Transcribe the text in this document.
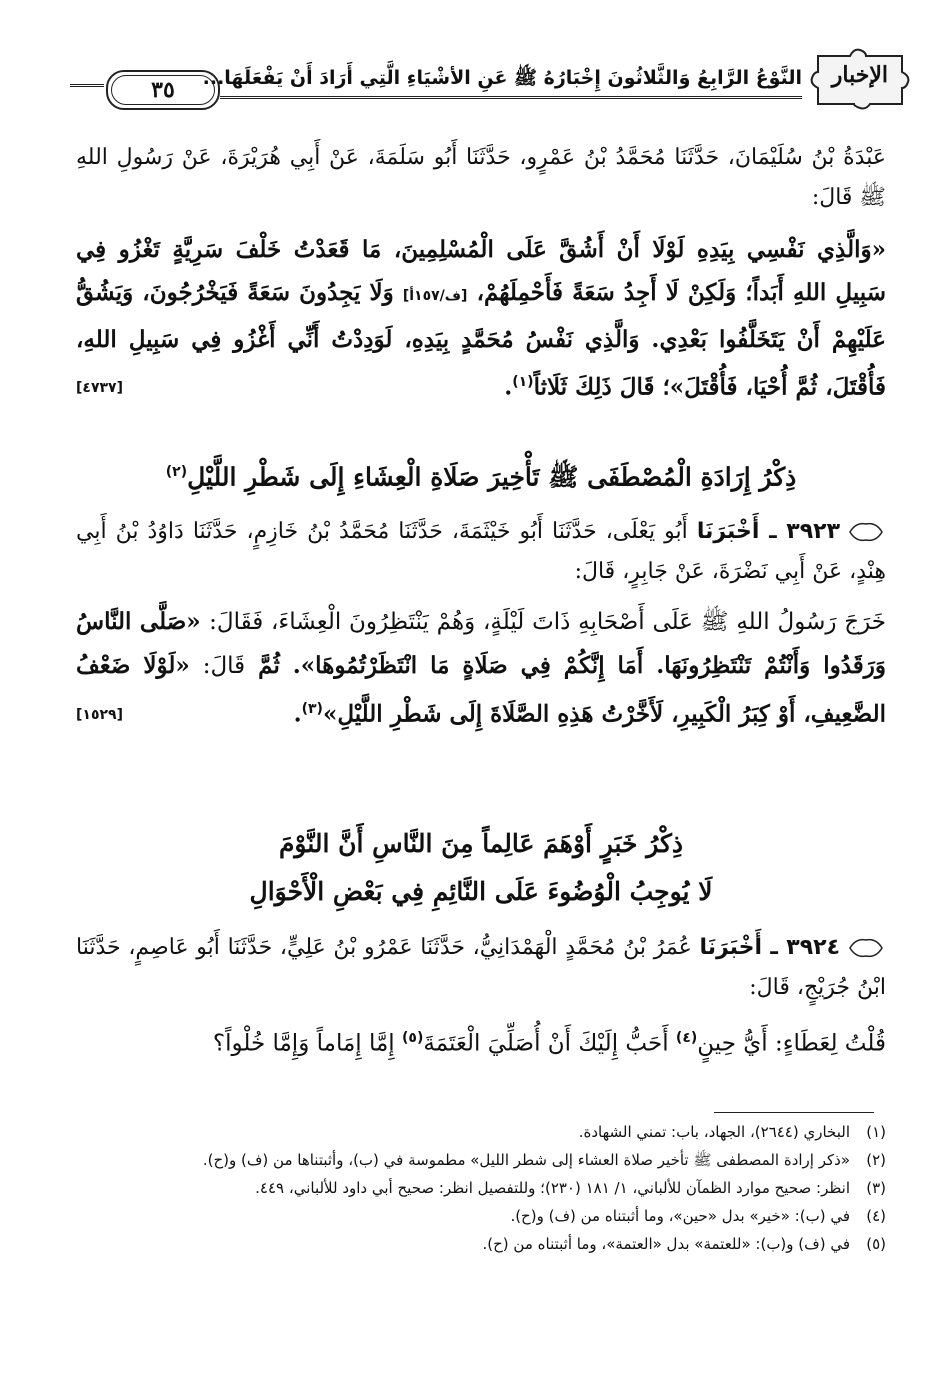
الإخبار
النَّوْعُ الرَّابِعُ وَالثَّلاثُونَ إِخْبَارُهُ ﷺ عَنِ الأشْيَاءِ الَّتِي أَرَادَ أَنْ يَفْعَلَهَا...
٣٥
عَبْدَةُ بْنُ سُلَيْمَانَ، حَدَّثَنَا مُحَمَّدُ بْنُ عَمْرٍو، حَدَّثَنَا أَبُو سَلَمَةَ، عَنْ أَبِي هُرَيْرَةَ، عَنْ رَسُولِ اللهِ ﷺ قَالَ:
«وَالَّذِي نَفْسِي بِيَدِهِ لَوْلَا أَنْ أَشُقَّ عَلَى الْمُسْلِمِينَ، مَا قَعَدْتُ خَلْفَ سَرِيَّةٍ تَغْزُو فِي سَبِيلِ اللهِ أَبَداً؛ وَلَكِنْ لَا أَجِدُ سَعَةً فَأَحْمِلَهُمْ، [ف/١٥٧أ] وَلَا يَجِدُونَ سَعَةً فَيَخْرُجُونَ، وَيَشُقُّ عَلَيْهِمْ أَنْ يَتَخَلَّفُوا بَعْدِي. وَالَّذِي نَفْسُ مُحَمَّدٍ بِيَدِهِ، لَوَدِدْتُ أَنِّي أَغْزُو فِي سَبِيلِ اللهِ، فَأُقْتَلَ، ثُمَّ أُحْيَا، فَأُقْتَلَ»؛ قَالَ ذَلِكَ ثَلَاثاً$^{(١)}$.
[٤٧٣٧]
ذِكْرُ إِرَادَةِ الْمُصْطَفَى ﷺ تَأْخِيرَ صَلَاةِ الْعِشَاءِ إِلَى شَطْرِ اللَّيْلِ$^{(٢)}$
٣٩٢٣ ـ أَخْبَرَنَا أَبُو يَعْلَى، حَدَّثَنَا أَبُو خَيْثَمَةَ، حَدَّثَنَا مُحَمَّدُ بْنُ خَازِمٍ، حَدَّثَنَا دَاوُدُ بْنُ أَبِي هِنْدٍ، عَنْ أَبِي نَضْرَةَ، عَنْ جَابِرٍ، قَالَ:
خَرَجَ رَسُولُ اللهِ ﷺ عَلَى أَصْحَابِهِ ذَاتَ لَيْلَةٍ، وَهُمْ يَنْتَظِرُونَ الْعِشَاءَ، فَقَالَ: «صَلَّى النَّاسُ وَرَقَدُوا وَأَنْتُمْ تَنْتَظِرُونَهَا. أَمَا إِنَّكُمْ فِي صَلَاةٍ مَا انْتَظَرْتُمُوهَا». ثُمَّ قَالَ: «لَوْلَا ضَعْفُ الضَّعِيفِ، أَوْ كِبَرُ الْكَبِيرِ، لَأَخَّرْتُ هَذِهِ الصَّلَاةَ إِلَى شَطْرِ اللَّيْلِ»$^{(٣)}$.
[١٥٢٩]
ذِكْرُ خَبَرٍ أَوْهَمَ عَالِماً مِنَ النَّاسِ أَنَّ النَّوْمَ
لَا يُوجِبُ الْوُضُوءَ عَلَى النَّائِمِ فِي بَعْضِ الْأَحْوَالِ
٣٩٢٤ ـ أَخْبَرَنَا عُمَرُ بْنُ مُحَمَّدٍ الْهَمْدَانِيُّ، حَدَّثَنَا عَمْرُو بْنُ عَلِيٍّ، حَدَّثَنَا أَبُو عَاصِمٍ، حَدَّثَنَا ابْنُ جُرَيْجٍ، قَالَ:
قُلْتُ لِعَطَاءٍ: أَيُّ حِينٍ$^{(٤)}$ أَحَبُّ إِلَيْكَ أَنْ أُصَلِّيَ الْعَتَمَةَ$^{(٥)}$ إِمَّا إِمَاماً وَإِمَّا خُلْواً؟
(١)
البخاري (٢٦٤٤)، الجهاد، باب: تمني الشهادة.
(٢)
«ذكر إرادة المصطفى ﷺ تأخير صلاة العشاء إلى شطر الليل» مطموسة في (ب)، وأثبتناها من (ف) و(ح).
(٣)
انظر: صحيح موارد الظمآن للألباني، ١/ ١٨١ (٢٣٠)؛ وللتفصيل انظر: صحيح أبي داود للألباني، ٤٤٩.
(٤)
في (ب): «خير» بدل «حين»، وما أثبتناه من (ف) و(ح).
(٥)
في (ف) و(ب): «للعتمة» بدل «العتمة»، وما أثبتناه من (ح).
